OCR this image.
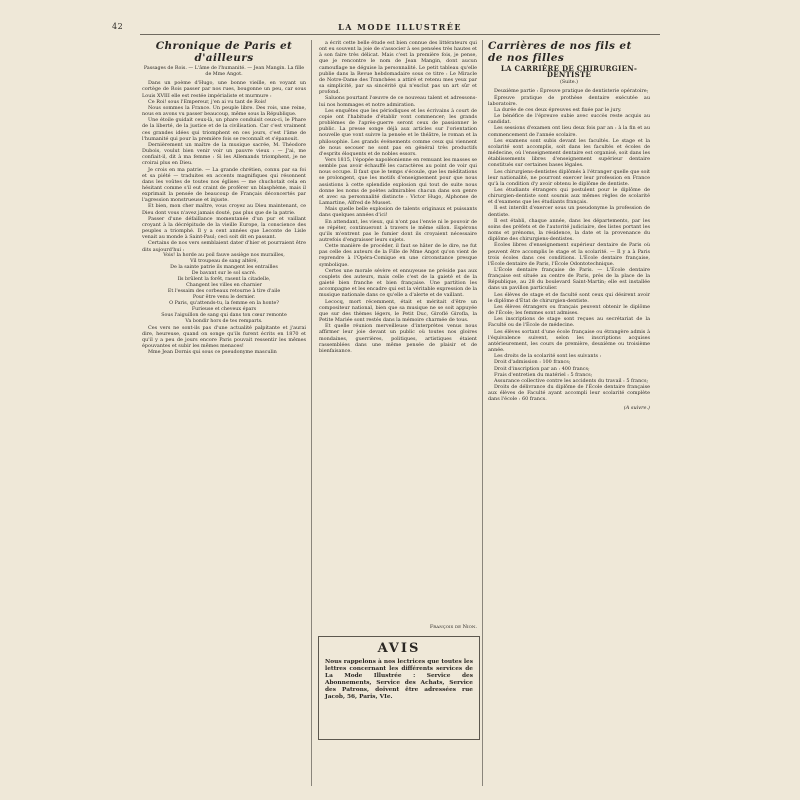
42	LA MODE ILLUSTRÉE
Chronique de Paris et d'ailleurs
Passages de Rois. — L'âme de l'humanité. — Jean Mangin. La fille de Mme Angot.

Dans un poème d'Hugo, une bonne vieille, en voyant un cortège de Rois passer par nos rues, bougonne un peu, car sous Louis XVIII elle est restée impérialiste et murmure :

Ce Roi! sous l'Empereur, j'en ai vu tant de Rois!

Nous sommes la France. Un peuple libre. Des rois, une reine, nous en avons vu passer beaucoup, même sous la République.

Une étoile guidait ceux-là, un phare conduisit ceux-ci, le Phare de la liberté, de la justice et de la civilisation. Car c'est vraiment ces grandes idées qui triomphent en ces jours, c'est l'âme de l'humanité qui pour la première fois se reconnaît et s'épanouit.

Dernièrement un maître de la musique sacrée, M. Théodore Dubois, voulut bien venir voir un pauvre vieux : — J'ai, me confiait-il, dit à ma femme : Si les Allemands triomphent, je ne croirai plus en Dieu.

Je crois en ma patrie. — La grande chrétien, connu par sa foi et sa piété — traduites en accents magnifiques qui résonnent dans les voûtes de toutes nos églises — me chuchotait cela en hésitant comme s'il eut craint de proférer un blasphème, mais il exprimait la pensée de beaucoup de Français déconcertés par l'agression monstrueuse et injuste.

Et bien, mon cher maître, vous croyez au Dieu maintenant, ce Dieu dont vous n'avez jamais douté, pas plus que de la patrie.

Passer d'une défaillance momentanée d'un pur et vaillant croyant à la décrépitude de la vieille Europe, la conscience des peuples a triomphé. Il y a cent années que Leconte de Lisle venait au monde à Saint-Paul; ceci soit dit en passant.

Certains de nos vers semblaient dater d'hier et pourraient être dits aujourd'hui :

Vois! la horde au poil fauve assiège nos murailles,
Vil troupeau de sang altéré,
De la sainte patrie ils mangent les entrailles
De bavant sur le sol sacré.
Ils brûlent la forêt, rasent la citadelle,
Changent les villes en charnier
Et l'essaim des corbeaux retourne à tire d'aile
Pour être venu le dernier.
O Paris, qu'attends-tu, la femme en la honte?
Furieuse et cheveux épars
Sous l'aiguillon de sang qui dans ton cœur remonte
Va bondir hors de tes remparts.

Ces vers ne sont-ils pas d'une actualité palpitante et j'aurai dire, heureuse, quand on songe qu'ils furent écrits en 1870 et qu'il y a peu de jours encore Paris pouvait ressentir les mêmes épouvantes et subir les mêmes menaces!

Mme Jean Dornis qui sous ce pseudonyme masculin

a écrit cette belle étude est bien connue des littérateurs qui ont eu souvent la joie de s'associer à ses pensées très hautes et à son faire très délicat. Mais c'est la première fois, je pense, que je rencontre le nom de Jean Mangin, dont aucun camouflage ne déguise la personnalité. Le petit tableau qu'elle publie dans la Revue hebdomadaire sous ce titre : Le Miracle de Notre-Dame des Tranchées a attiré et retenu mes yeux par sa simplicité, par sa sincérité qui n'exclut pas un art sûr et profond.

Saluons pourtant l'œuvre de ce nouveau talent et adressons-lui nos hommages et notre admiration.

Les enquêtes que les périodiques et les écrivains à court de copie ont l'habitude d'établir vont commencer; les grands problèmes de l'après-guerre seront ceux de passionner le public. La presse songe déjà aux articles sur l'orientation nouvelle que vont suivre la pensée et le théâtre, le roman et la philosophie. Les grands événements comme ceux qui viennent de nous secouer ne sont pas en général très productifs d'esprits éloquents et de nobles essors.

Vers 1815, l'épopée napoléonienne en remuant les masses se semble pas avoir échauffé les caractères au point de voir qui nous occupe. Il faut que le temps s'écoule, que les méditations se prolongent, que les motifs d'enseignement pour que nous assistions à cette splendide explosion qui tout de suite nous donne les noms de poètes admirables chacun dans son genre et avec sa personnalité distincte : Victor Hugo, Alphonse de Lamartine, Alfred de Musset.

Mais quelle belle explosion de talents originaux et puissants dans quelques années d'ici!

En attendant, les vieux, qui n'ont pas l'envie ni le pouvoir de se répéter, continueront à travers le même sillon. Espérons qu'ils m'entrent pas le fumier dont ils croyaient nécessaire autrefois d'engraisser leurs sujets.

Cette manière de procéder, il faut se hâter de le dire, ne fut pas celle des auteurs de la Fille de Mme Angot qu'on vient de reprendre à l'Opéra-Comique en une circonstance presque symbolique.

Certes une morale sévère et ennuyeuse ne préside pas aux couplets des auteurs, mais celle c'est de la gaieté et de la gaieté bien franche et bien française. Une partition les accompagne et les encadre qui est la véritable expression de la musique nationale dans ce qu'elle a d'alerte et de vaillant.

Lecocq, mort récemment, était et méritait d'être un compositeur national, bien que sa musique ne se soit appuyée que sur des thèmes légers, le Petit Duc, Giroflé Girofla, la Petite Mariée sont restés dans la mémoire charmée de tous.

Et quelle réunion merveilleuse d'interprètes venus nous affirmer leur joie devant un public où toutes nos gloires mondaines, guerrières, politiques, artistiques étaient rassemblées dans une même pensée de plaisir et de bienfaisance.

François de Nion.
AVIS

Nous rappelons à nos lectrices que toutes les lettres concernant les différents services de La Mode Illustrée : Service des Abonnements, Service des Achats, Service des Patrons, doivent être adressées rue Jacob, 56, Paris, VIe.

Carrières de nos fils et de nos filles
LA CARRIÈRE DE CHIRURGIEN-DENTISTE
(Suite.)

Deuxième partie : Épreuve pratique de dentisterie opératoire;

Épreuve pratique de prothèse dentaire exécutée au laboratoire.

La durée de ces deux épreuves est fixée par le jury.

Le bénéfice de l'épreuve subie avec succès reste acquis au candidat.

Les sessions d'examen ont lieu deux fois par an : à la fin et au commencement de l'année scolaire.

Les examens sont subis devant les facultés. Le stage et la scolarité sont accomplis, soit dans les facultés et écoles de médecine, où l'enseignement dentaire est organisé, soit dans les établissements libres d'enseignement supérieur dentaire constitués sur certaines bases légales.

Les chirurgiens-dentistes diplômés à l'étranger quelle que soit leur nationalité, ne pourront exercer leur profession en France qu'à la condition d'y avoir obtenu le diplôme de dentiste.

Les étudiants étrangers qui postulent pour le diplôme de chirurgien-dentiste sont soumis aux mêmes règles de scolarité et d'examens que les étudiants français.

Il est interdit d'exercer sous un pseudonyme la profession de dentiste.

Il est établi, chaque année, dans les départements, par les soins des préfets et de l'autorité judiciaire, des listes portant les noms et prénoms, la résidence, la date et la provenance du diplôme des chirurgiens-dentistes.

Écoles libres d'enseignement supérieur dentaire de Paris où peuvent être accomplis le stage et la scolarité. — Il y a à Paris trois écoles dans ces conditions. L'École dentaire française, l'École dentaire de Paris, l'École Odontotechnique.

L'École dentaire française de Paris. — L'École dentaire française est située au centre de Paris, près de la place de la République, au 28 du boulevard Saint-Martin; elle est installée dans un pavillon particulier.

Les élèves de stage et de faculté sont ceux qui désirent avoir le diplôme d'État de chirurgien-dentiste.

Les élèves étrangers ou français peuvent obtenir le diplôme de l'École; les femmes sont admises.

Les inscriptions de stage sont reçues au secrétariat de la Faculté ou de l'École de médecine.

Les élèves sortant d'une école française ou étrangère admis à l'équivalence suivent, selon les inscriptions acquises antérieurement, les cours de première, deuxième ou troisième année.

Les droits de la scolarité sont les suivants :

Droit d'admission : 100 francs;

Droit d'inscription par an : 400 francs;

Frais d'entretien du matériel : 5 francs;

Assurance collective contre les accidents du travail : 5 francs;

Droits de délivrance du diplôme de l'École dentaire française aux élèves de Faculté ayant accompli leur scolarité complète dans l'école : 60 francs.

(A suivre.)
